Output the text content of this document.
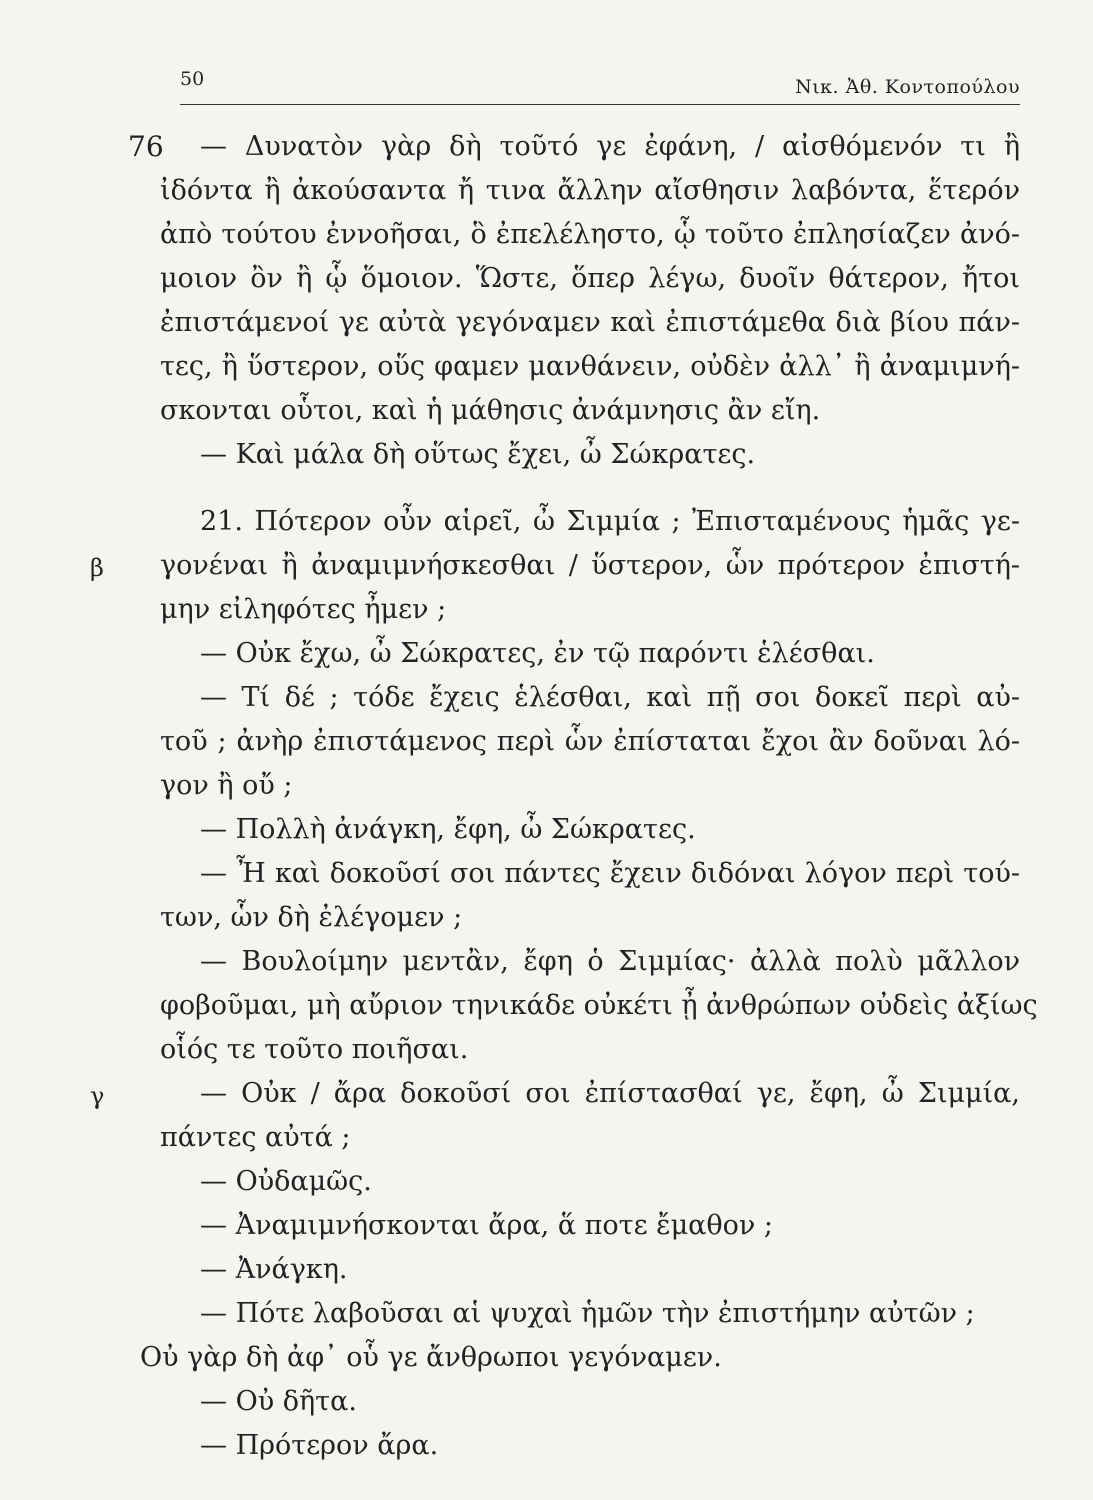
50	Νικ. Ἀθ. Κοντοπούλου
76 — Δυνατὸν γὰρ δὴ τοῦτό γε ἐφάνη, / αἰσθόμενόν τι ἢ
ἰδόντα ἢ ἀκούσαντα ἤ τινα ἄλλην αἴσθησιν λαβόντα, ἕτερόν
ἀπὸ τούτου ἐννοῆσαι, ὃ ἐπελέληστο, ᾧ τοῦτο ἐπλησίαζεν ἀνό-
μοιον ὂν ἢ ᾧ ὅμοιον. Ὥστε, ὅπερ λέγω, δυοῖν θάτερον, ἤτοι
ἐπιστάμενοί γε αὐτὰ γεγόναμεν καὶ ἐπιστάμεθα διὰ βίου πάν-
τες, ἢ ὕστερον, οὕς φαμεν μανθάνειν, οὐδὲν ἀλλ᾽ ἢ ἀναμιμνή-
σκονται οὗτοι, καὶ ἡ μάθησις ἀνάμνησις ἂν εἴη.
— Καὶ μάλα δὴ οὕτως ἔχει, ὦ Σώκρατες.
21. Πότερον οὖν αἱρεῖ, ὦ Σιμμία ; Ἐπισταμένους ἡμᾶς γε-
β γονέναι ἢ ἀναμιμνήσκεσθαι / ὕστερον, ὧν πρότερον ἐπιστή-
μην εἰληφότες ἦμεν ;
— Οὐκ ἔχω, ὦ Σώκρατες, ἐν τῷ παρόντι ἑλέσθαι.
— Τί δέ ; τόδε ἔχεις ἑλέσθαι, καὶ πῇ σοι δοκεῖ περὶ αὐ-
τοῦ ; ἀνὴρ ἐπιστάμενος περὶ ὧν ἐπίσταται ἔχοι ἂν δοῦναι λό-
γον ἢ οὔ ;
— Πολλὴ ἀνάγκη, ἔφη, ὦ Σώκρατες.
— Ἦ καὶ δοκοῦσί σοι πάντες ἔχειν διδόναι λόγον περὶ τού-
των, ὧν δὴ ἐλέγομεν ;
— Βουλοίμην μεντἂν, ἔφη ὁ Σιμμίας· ἀλλὰ πολὺ μᾶλλον
φοβοῦμαι, μὴ αὔριον τηνικάδε οὐκέτι ᾖ ἀνθρώπων οὐδεὶς ἀξίως
οἷός τε τοῦτο ποιῆσαι.
γ	— Οὐκ / ἄρα δοκοῦσί σοι ἐπίστασθαί γε, ἔφη, ὦ Σιμμία,
πάντες αὐτά ;
— Οὐδαμῶς.
— Ἀναμιμνήσκονται ἄρα, ἅ ποτε ἔμαθον ;
— Ἀνάγκη.
— Πότε λαβοῦσαι αἱ ψυχαὶ ἡμῶν τὴν ἐπιστήμην αὐτῶν ;
Οὐ γὰρ δὴ ἀφ᾽ οὗ γε ἄνθρωποι γεγόναμεν.
— Οὐ δῆτα.
— Πρότερον ἄρα.
